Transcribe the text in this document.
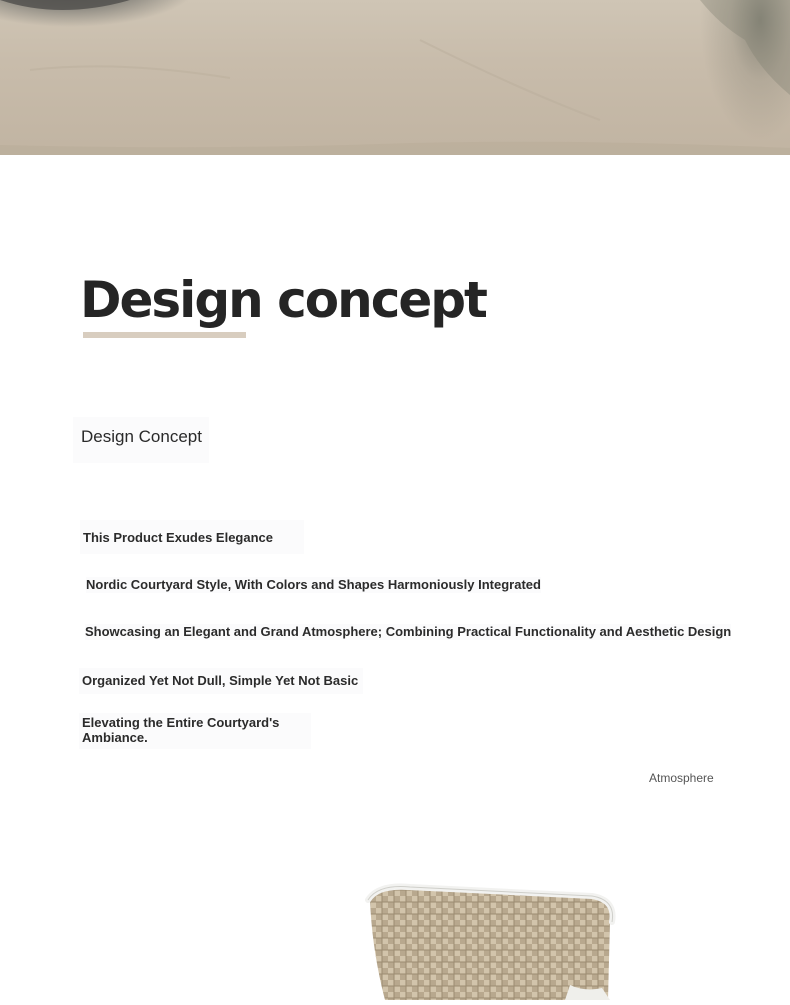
Design concept
Design Concept
This Product Exudes Elegance
Nordic Courtyard Style, With Colors and Shapes Harmoniously Integrated
Showcasing an Elegant and Grand Atmosphere; Combining Practical Functionality and Aesthetic Design
Organized Yet Not Dull, Simple Yet Not Basic
Elevating the Entire Courtyard's Ambiance.
Atmosphere
